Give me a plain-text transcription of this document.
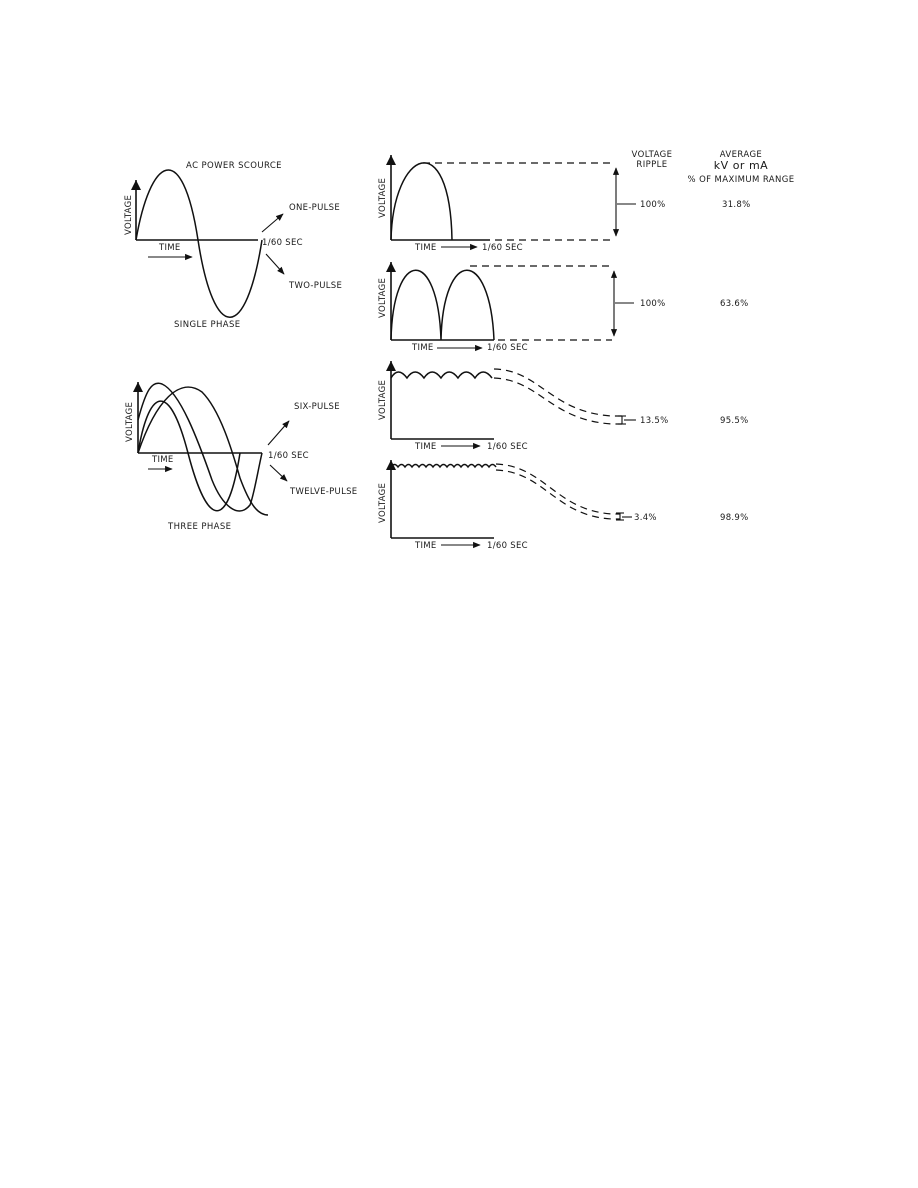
AC POWER SCOURCE
VOLTAGE
TIME	1/60 SEC
ONE-PULSE
TWO-PULSE
SINGLE PHASE
VOLTAGE
TIME	1/60 SEC
SIX-PULSE
TWELVE-PULSE
THREE PHASE
VOLTAGE
RIPPLE
AVERAGE
kV or mA
% OF MAXIMUM RANGE
VOLTAGE
TIME	1/60 SEC
100%	31.8%
VOLTAGE
TIME	1/60 SEC
100%	63.6%
VOLTAGE
TIME	1/60 SEC
13.5%	95.5%
VOLTAGE
TIME	1/60 SEC
3.4%	98.9%
